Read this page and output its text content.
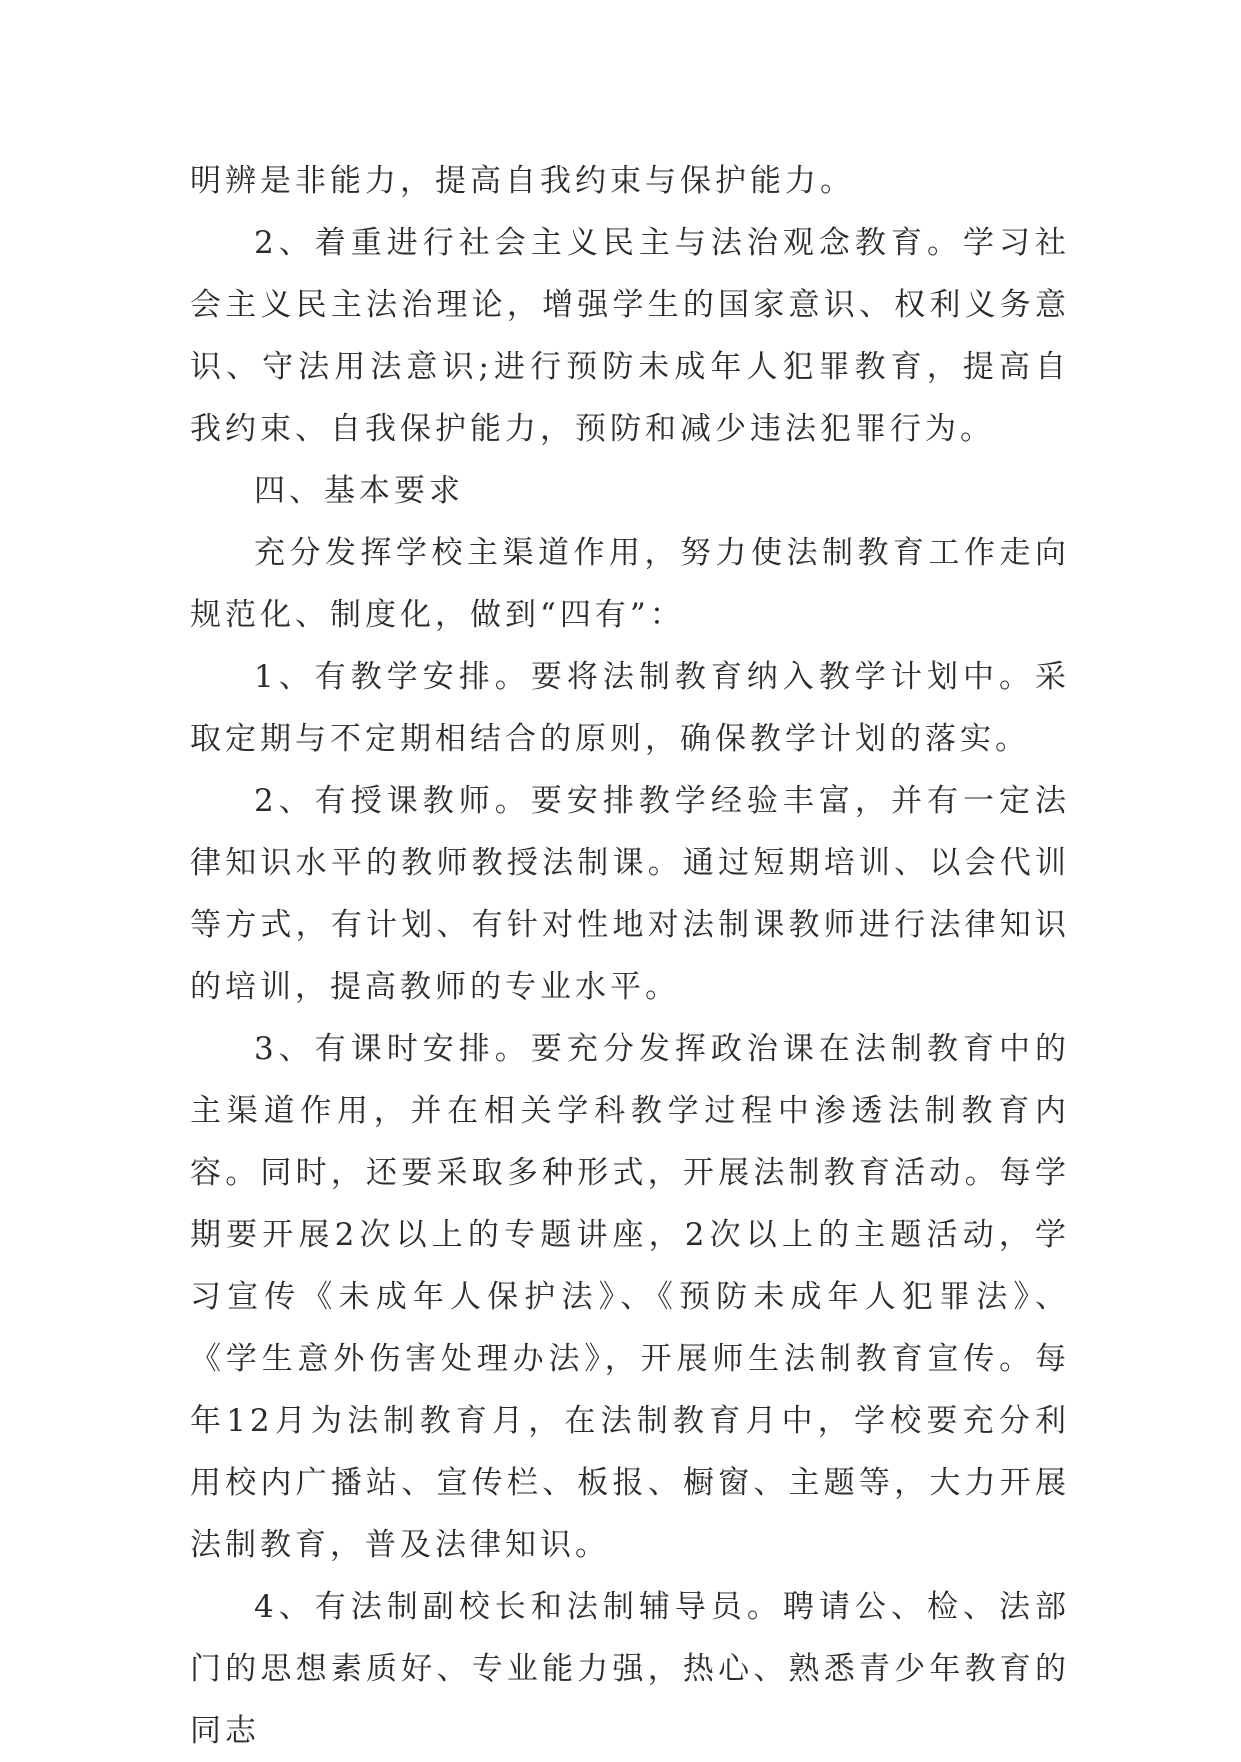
明辨是非能力，提高自我约束与保护能力。

2、着重进行社会主义民主与法治观念教育。学习社会主义民主法治理论，增强学生的国家意识、权利义务意识、守法用法意识;进行预防未成年人犯罪教育，提高自我约束、自我保护能力，预防和减少违法犯罪行为。

四、基本要求

充分发挥学校主渠道作用，努力使法制教育工作走向规范化、制度化，做到“四有”：

1、有教学安排。要将法制教育纳入教学计划中。采取定期与不定期相结合的原则，确保教学计划的落实。

2、有授课教师。要安排教学经验丰富，并有一定法律知识水平的教师教授法制课。通过短期培训、以会代训等方式，有计划、有针对性地对法制课教师进行法律知识的培训，提高教师的专业水平。

3、有课时安排。要充分发挥政治课在法制教育中的主渠道作用，并在相关学科教学过程中渗透法制教育内容。同时，还要采取多种形式，开展法制教育活动。每学期要开展2次以上的专题讲座，2次以上的主题活动，学习宣传《未成年人保护法》、《预防未成年人犯罪法》、《学生意外伤害处理办法》，开展师生法制教育宣传。每年12月为法制教育月，在法制教育月中，学校要充分利用校内广播站、宣传栏、板报、橱窗、主题等，大力开展法制教育，普及法律知识。

4、有法制副校长和法制辅导员。聘请公、检、法部门的思想素质好、专业能力强，热心、熟悉青少年教育的同志
